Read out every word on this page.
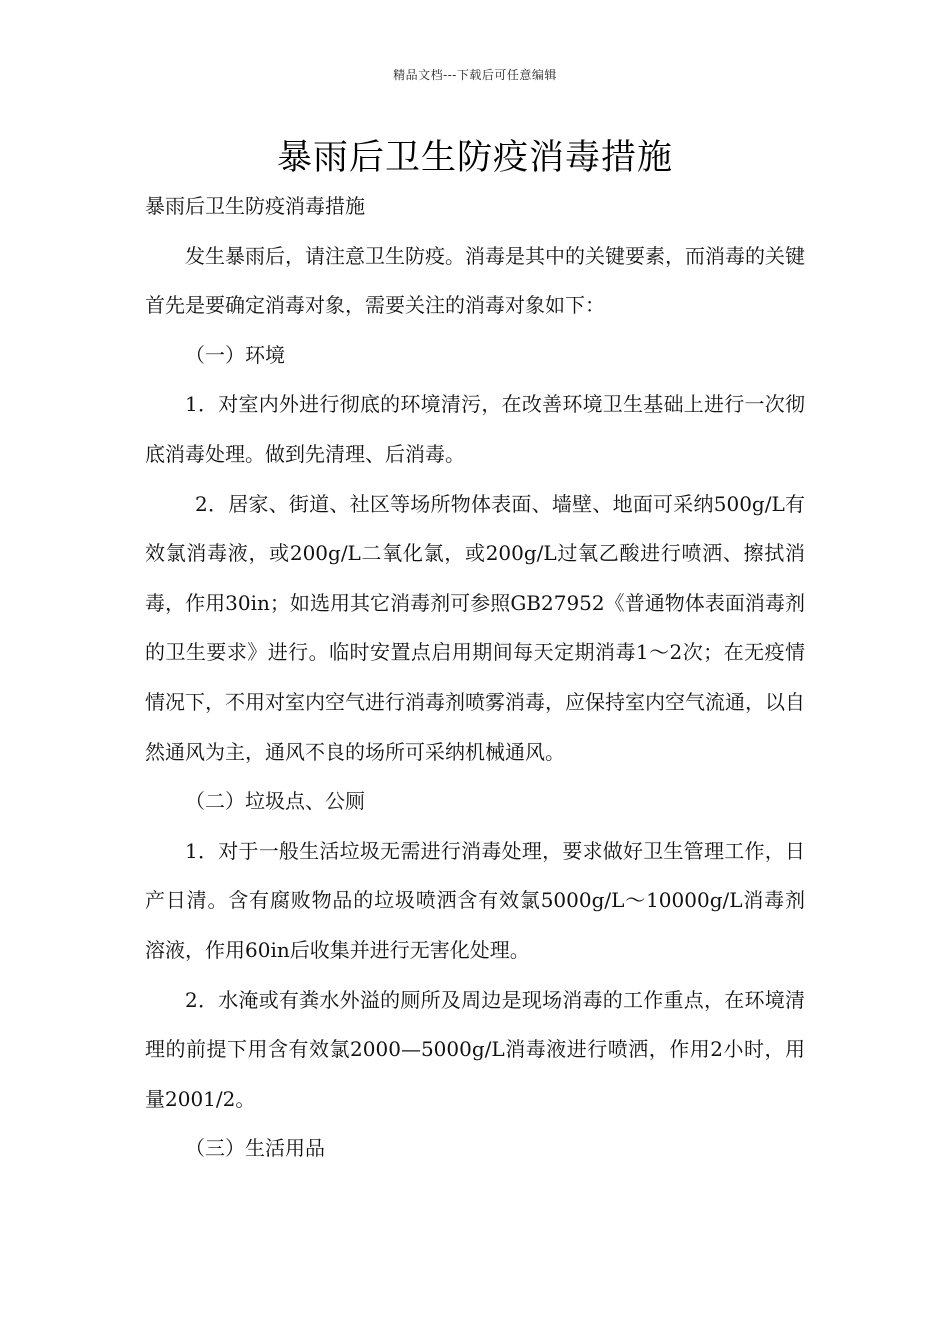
精品文档---下载后可任意编辑
暴雨后卫生防疫消毒措施

暴雨后卫生防疫消毒措施

发生暴雨后，请注意卫生防疫。消毒是其中的关键要素，而消毒的关键首先是要确定消毒对象，需要关注的消毒对象如下：

（一）环境

1．对室内外进行彻底的环境清污，在改善环境卫生基础上进行一次彻底消毒处理。做到先清理、后消毒。

2．居家、街道、社区等场所物体表面、墙壁、地面可采纳500g/L有效氯消毒液，或200g/L二氧化氯，或200g/L过氧乙酸进行喷洒、擦拭消毒，作用30in；如选用其它消毒剂可参照GB27952《普通物体表面消毒剂的卫生要求》进行。临时安置点启用期间每天定期消毒1～2次；在无疫情情况下，不用对室内空气进行消毒剂喷雾消毒，应保持室内空气流通，以自然通风为主，通风不良的场所可采纳机械通风。

（二）垃圾点、公厕

1．对于一般生活垃圾无需进行消毒处理，要求做好卫生管理工作，日产日清。含有腐败物品的垃圾喷洒含有效氯5000g/L～10000g/L消毒剂溶液，作用60in后收集并进行无害化处理。

2．水淹或有粪水外溢的厕所及周边是现场消毒的工作重点，在环境清理的前提下用含有效氯2000—5000g/L消毒液进行喷洒，作用2小时，用量2001/2。

（三）生活用品
